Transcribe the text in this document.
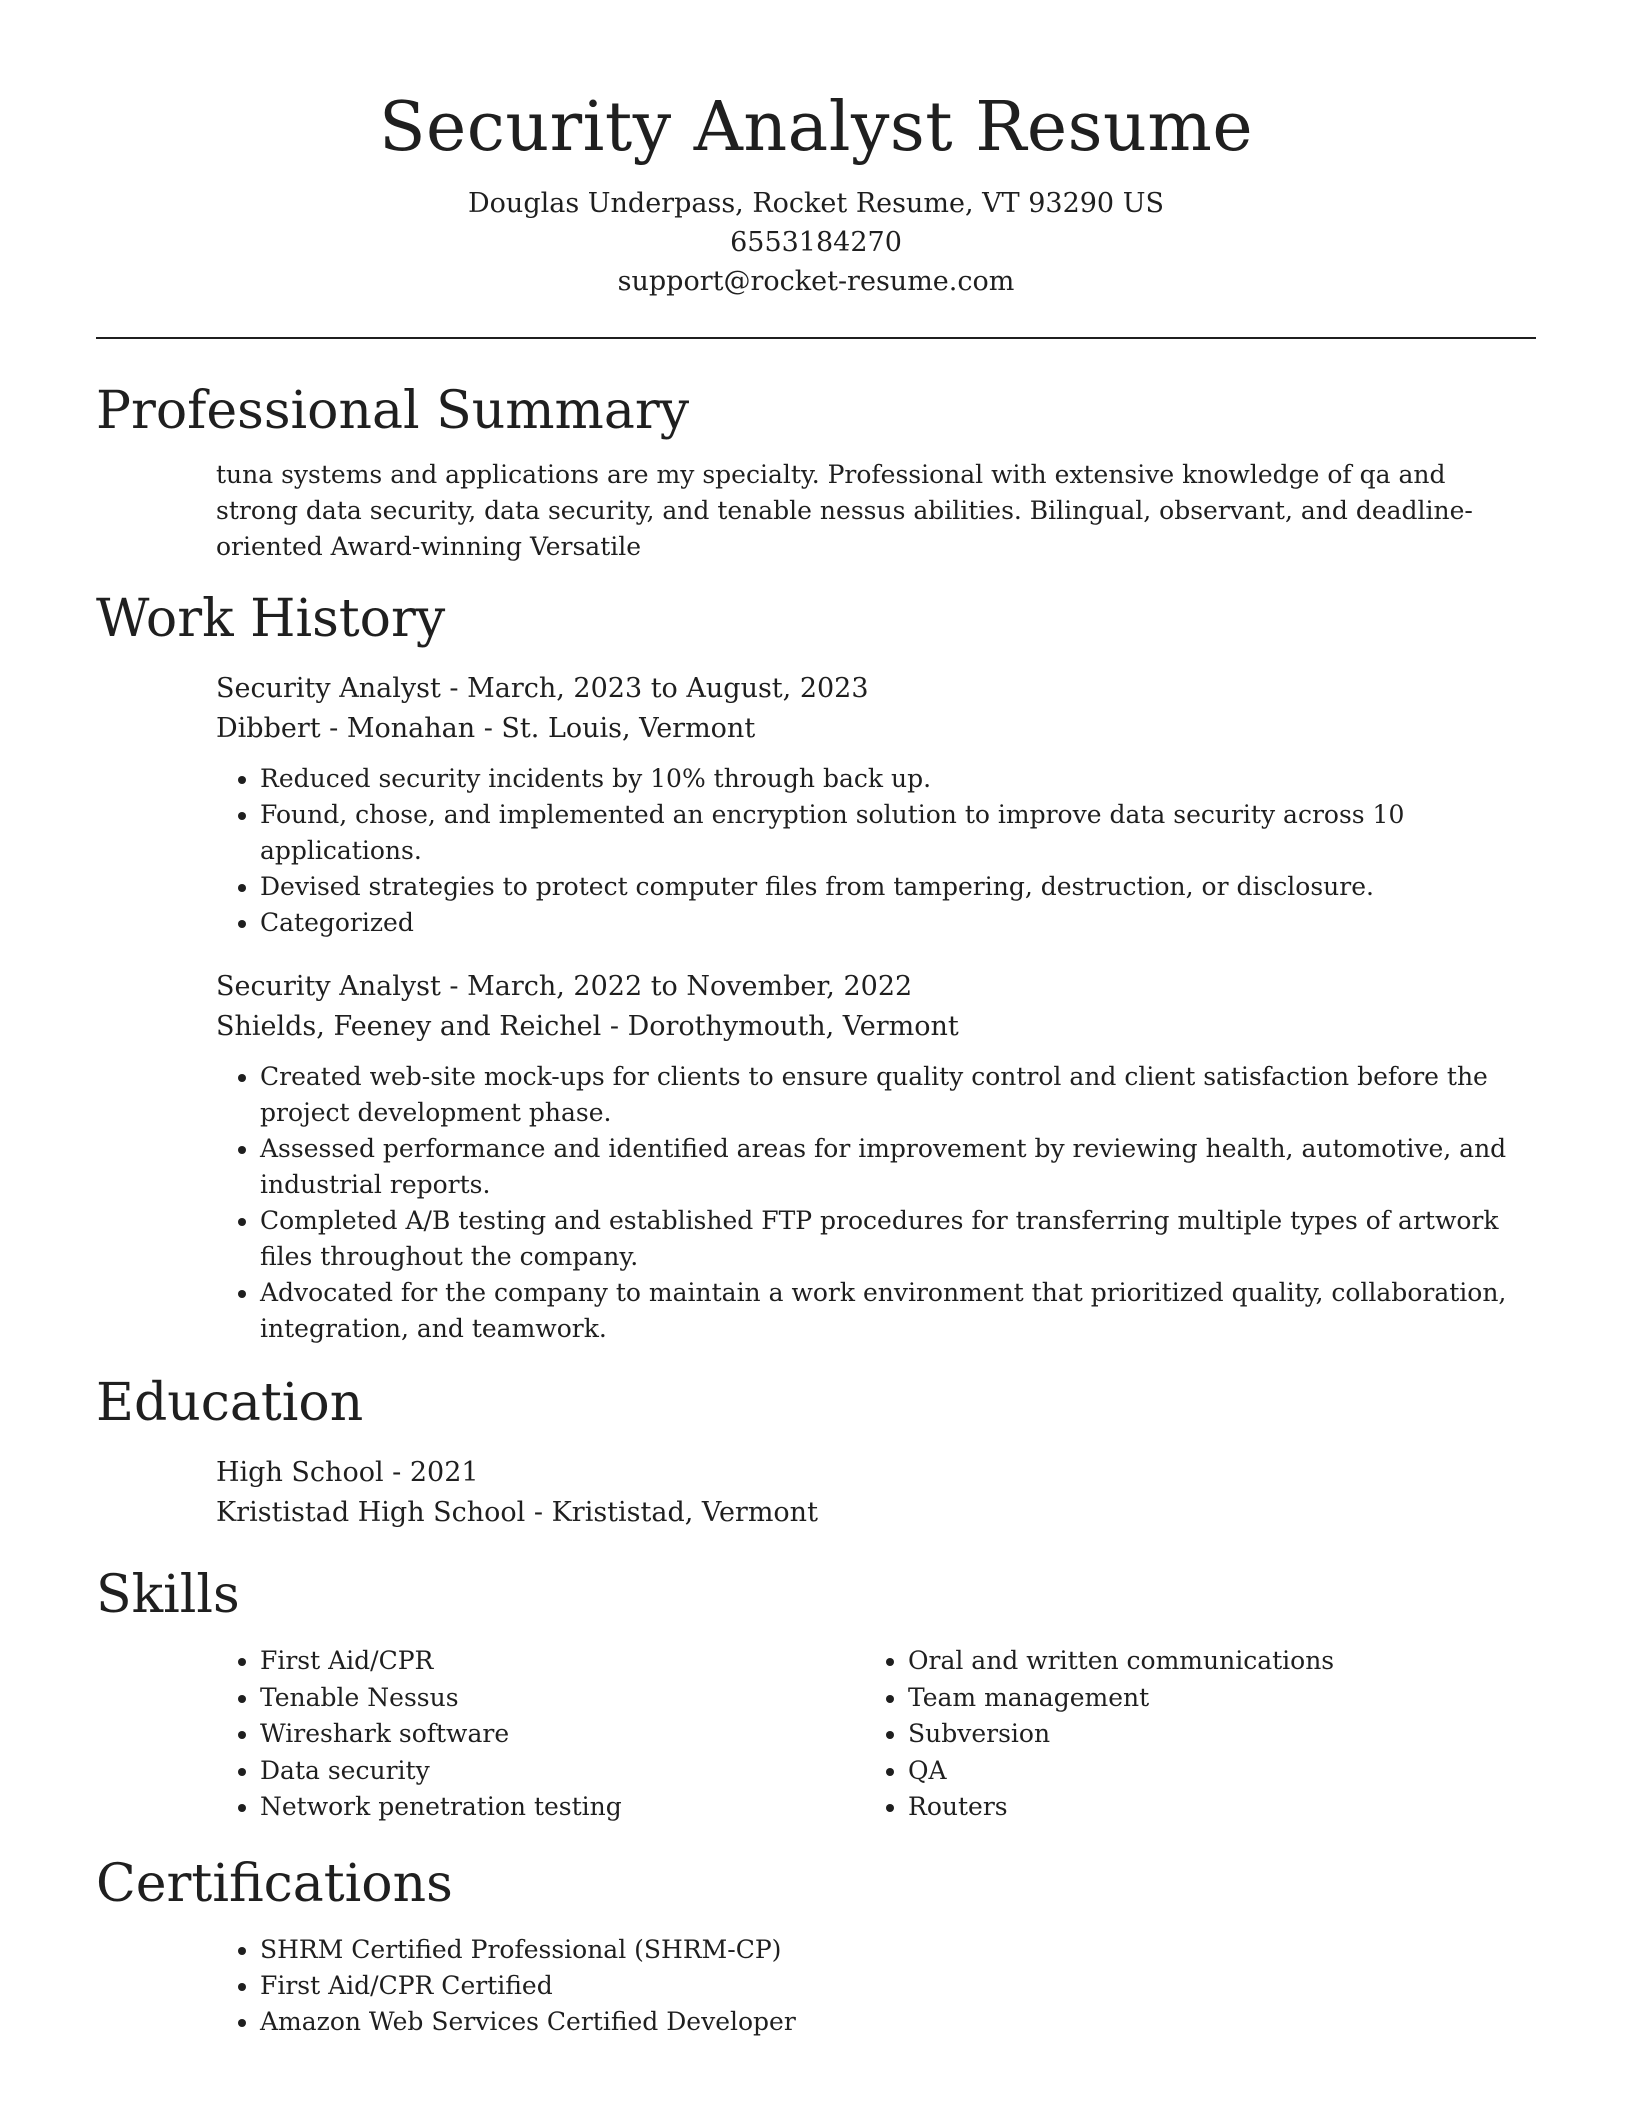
Security Analyst Resume
Douglas Underpass, Rocket Resume, VT 93290 US
6553184270
support@rocket-resume.com
Professional Summary

tuna systems and applications are my specialty. Professional with extensive knowledge of qa and strong data security, data security, and tenable nessus abilities. Bilingual, observant, and deadline-oriented Award-winning Versatile

Work History
Security Analyst - March, 2023 to August, 2023
Dibbert - Monahan - St. Louis, Vermont
• Reduced security incidents by 10% through back up.
• Found, chose, and implemented an encryption solution to improve data security across 10 applications.
• Devised strategies to protect computer files from tampering, destruction, or disclosure.
• Categorized
Security Analyst - March, 2022 to November, 2022
Shields, Feeney and Reichel - Dorothymouth, Vermont
• Created web-site mock-ups for clients to ensure quality control and client satisfaction before the project development phase.
• Assessed performance and identified areas for improvement by reviewing health, automotive, and industrial reports.
• Completed A/B testing and established FTP procedures for transferring multiple types of artwork files throughout the company.
• Advocated for the company to maintain a work environment that prioritized quality, collaboration, integration, and teamwork.
Education
High School - 2021
Krististad High School - Krististad, Vermont
Skills
• First Aid/CPR
• Tenable Nessus
• Wireshark software
• Data security
• Network penetration testing
• Oral and written communications
• Team management
• Subversion
• QA
• Routers
Certifications
• SHRM Certified Professional (SHRM-CP)
• First Aid/CPR Certified
• Amazon Web Services Certified Developer
